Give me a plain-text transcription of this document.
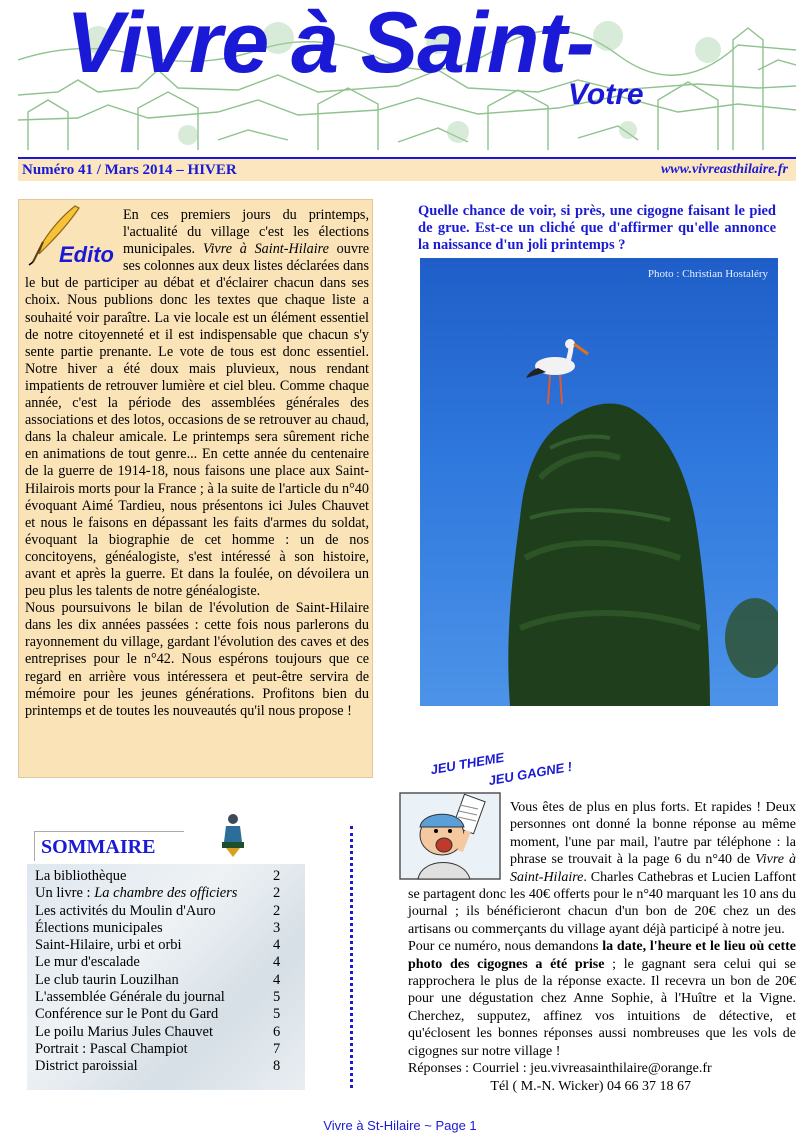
Vivre à Saint-
Votre
Numéro 41 / Mars 2014 – HIVER	www.vivreasthilaire.fr

En ces premiers jours du printemps, l'actualité du village c'est les élections municipales. Vivre à Saint-Hilaire ouvre ses colonnes aux deux listes déclarées dans le but de participer au débat et d'éclairer chacun dans ses choix. Nous publions donc les textes que chaque liste a souhaité voir paraître. La vie locale est un élément essentiel de notre citoyenneté et il est indispensable que chacun s'y sente partie prenante. Le vote de tous est donc essentiel. Notre hiver a été doux mais pluvieux, nous rendant impatients de retrouver lumière et ciel bleu. Comme chaque année, c'est la période des assemblées générales des associations et des lotos, occasions de se retrouver au chaud, dans la chaleur amicale. Le printemps sera sûrement riche en animations de tout genre... En cette année du centenaire de la guerre de 1914-18, nous faisons une place aux Saint-Hilairois morts pour la France ; à la suite de l'article du n°40 évoquant Aimé Tardieu, nous présentons ici Jules Chauvet et nous le faisons en dépassant les faits d'armes du soldat, évoquant la biographie de cet homme : un de nos concitoyens, généalogiste, s'est intéressé à son histoire, avant et après la guerre. Et dans la foulée, on dévoilera un peu plus les talents de notre généalogiste.

Nous poursuivons le bilan de l'évolution de Saint-Hilaire dans les dix années passées : cette fois nous parlerons du rayonnement du village, gardant l'évolution des caves et des entreprises pour le n°42. Nous espérons toujours que ce regard en arrière vous intéressera et peut-être servira de mémoire pour les jeunes générations. Profitons bien du printemps et de toutes les nouveautés qu'il nous propose !

Edito
Quelle chance de voir, si près, une cigogne faisant le pied de grue. Est-ce un cliché que d'affirmer qu'elle annonce la naissance d'un joli printemps ?
Photo : Christian Hostaléry
JEU THEME
JEU GAGNE !

Vous êtes de plus en plus forts. Et rapides ! Deux personnes ont donné la bonne réponse au même moment, l'une par mail, l'autre par téléphone : la phrase se trouvait à la page 6 du n°40 de Vivre à Saint-Hilaire. Charles Cathebras et Lucien Laffont se partagent donc les 40€ offerts pour le n°40 marquant les 10 ans du journal ; ils bénéficieront chacun d'un bon de 20€ chez un des artisans ou commerçants du village ayant déjà participé à notre jeu.

Pour ce numéro, nous demandons la date, l'heure et le lieu où cette photo des cigognes a été prise ; le gagnant sera celui qui se rapprochera le plus de la réponse exacte. Il recevra un bon de 20€ pour une dégustation chez Anne Sophie, à l'Huître et la Vigne. Cherchez, supputez, affinez vos intuitions de détective, et qu'éclosent les bonnes réponses aussi nombreuses que les vols de cigognes sur notre village !

Réponses : Courriel : jeu.vivreasainthilaire@orange.fr

Tél ( M.-N. Wicker) 04 66 37 18 67

SOMMAIRE
La bibliothèque	2
Un livre : La chambre des officiers 2
Les activités du Moulin d'Auro	2
Élections municipales	3
Saint-Hilaire, urbi et orbi	4
Le mur d'escalade	4
Le club taurin Louzilhan	4
L'assemblée Générale du journal	5
Conférence sur le Pont du Gard	5
Le poilu Marius Jules Chauvet	6
Portrait : Pascal Champiot	7
District paroissial	8
Vivre à St-Hilaire ~ Page 1
